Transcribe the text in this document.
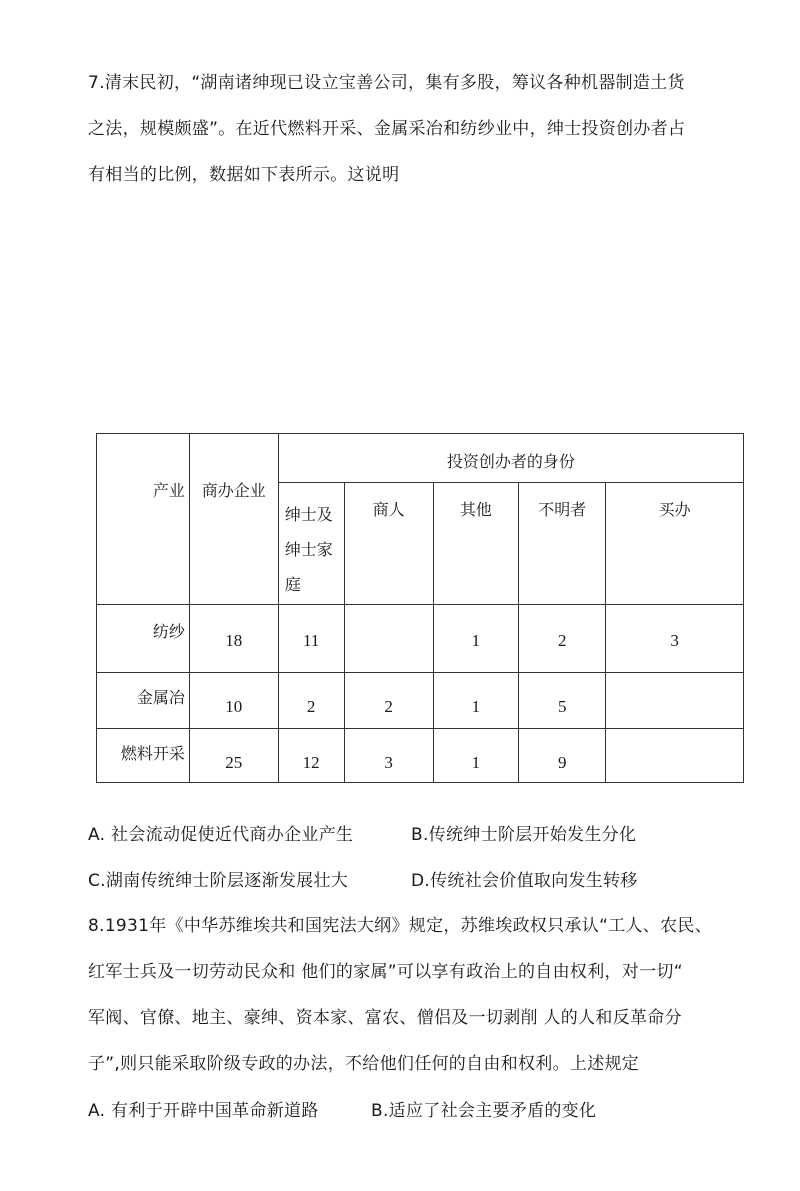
7.清末民初，“湖南诸绅现已设立宝善公司，集有多股，筹议各种机器制造土货
之法，规模颇盛”。在近代燃料开采、金属采冶和纺纱业中，绅士投资创办者占
有相当的比例，数据如下表所示。这说明
产业	商办企业	投资创办者的身份				

		绅士及
绅士家
庭	商人	其他	不明者	买办
纺纱	18	11		1	2	3
金属冶	10	2	2	1	5	
燃料开采	25	12	3	1	9	
A. 社会流动促使近代商办企业产生	B.传统绅士阶层开始发生分化
C.湖南传统绅士阶层逐渐发展壮大	D.传统社会价值取向发生转移
8.1931年《中华苏维埃共和国宪法大纲》规定，苏维埃政权只承认“工人、农民、
红军士兵及一切劳动民众和 他们的家属”可以享有政治上的自由权利，对一切“
军阀、官僚、地主、豪绅、资本家、富农、僧侣及一切剥削 人的人和反革命分
子”,则只能采取阶级专政的办法，不给他们任何的自由和权利。上述规定
A. 有利于开辟中国革命新道路	B.适应了社会主要矛盾的变化
